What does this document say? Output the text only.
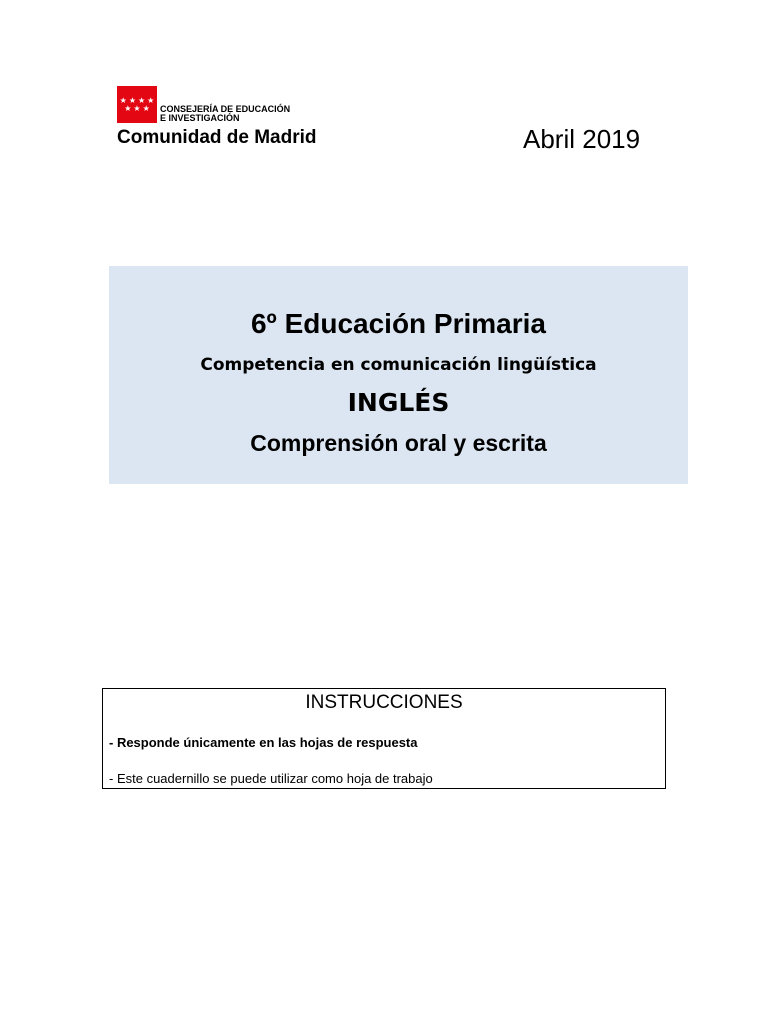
★ ★ ★ ★
★ ★ ★ CONSEJERÍA DE EDUCACIÓN
E INVESTIGACIÓN
Comunidad de Madrid	Abril 2019
6º Educación Primaria
Competencia en comunicación lingüística
INGLÉS
Comprensión oral y escrita
INSTRUCCIONES
- Responde únicamente en las hojas de respuesta
- Este cuadernillo se puede utilizar como hoja de trabajo
